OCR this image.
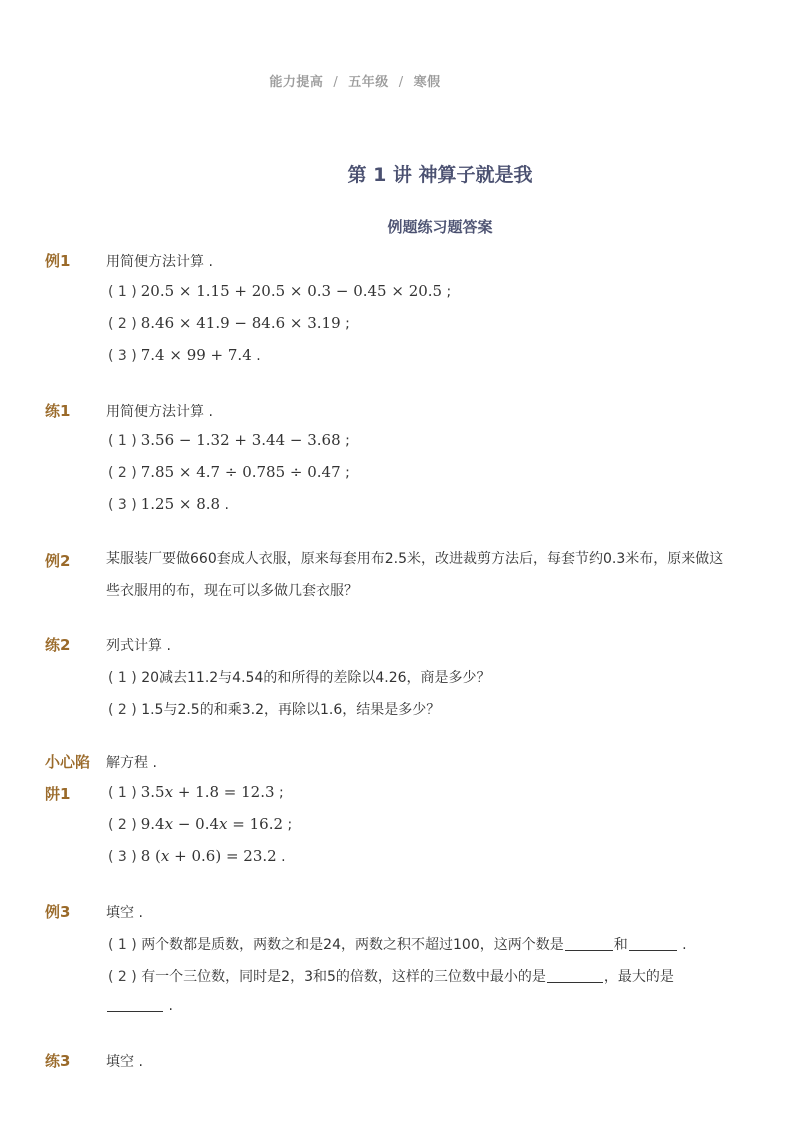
能力提高 / 五年级 / 寒假
第 1 讲 神算子就是我
例题练习题答案
例1	用简便方法计算 .
( 1 ) 20.5 × 1.15 + 20.5 × 0.3 − 0.45 × 20.5 ;
( 2 ) 8.46 × 41.9 − 84.6 × 3.19 ;
( 3 ) 7.4 × 99 + 7.4 .
练1	用简便方法计算 .
( 1 ) 3.56 − 1.32 + 3.44 − 3.68 ;
( 2 ) 7.85 × 4.7 ÷ 0.785 ÷ 0.47 ;
( 3 ) 1.25 × 8.8 .
例2	某服装厂要做660套成人衣服，原来每套用布2.5米，改进裁剪方法后，每套节约0.3米布，原来做这些衣服用的布，现在可以多做几套衣服？
练2	列式计算 .
( 1 ) 20减去11.2与4.54的和所得的差除以4.26，商是多少？
( 2 ) 1.5与2.5的和乘3.2，再除以1.6，结果是多少？
小心陷
阱1
解方程 .
( 1 ) 3.5x + 1.8 = 12.3 ;
( 2 ) 9.4x − 0.4x = 16.2 ;
( 3 ) 8 (x + 0.6) = 23.2 .
例3	填空 .
( 1 ) 两个数都是质数，两数之和是24，两数之积不超过100，这两个数是	和	.
( 2 ) 有一个三位数，同时是2，3和5的倍数，这样的三位数中最小的是	，最大的是
.
练3	填空 .
